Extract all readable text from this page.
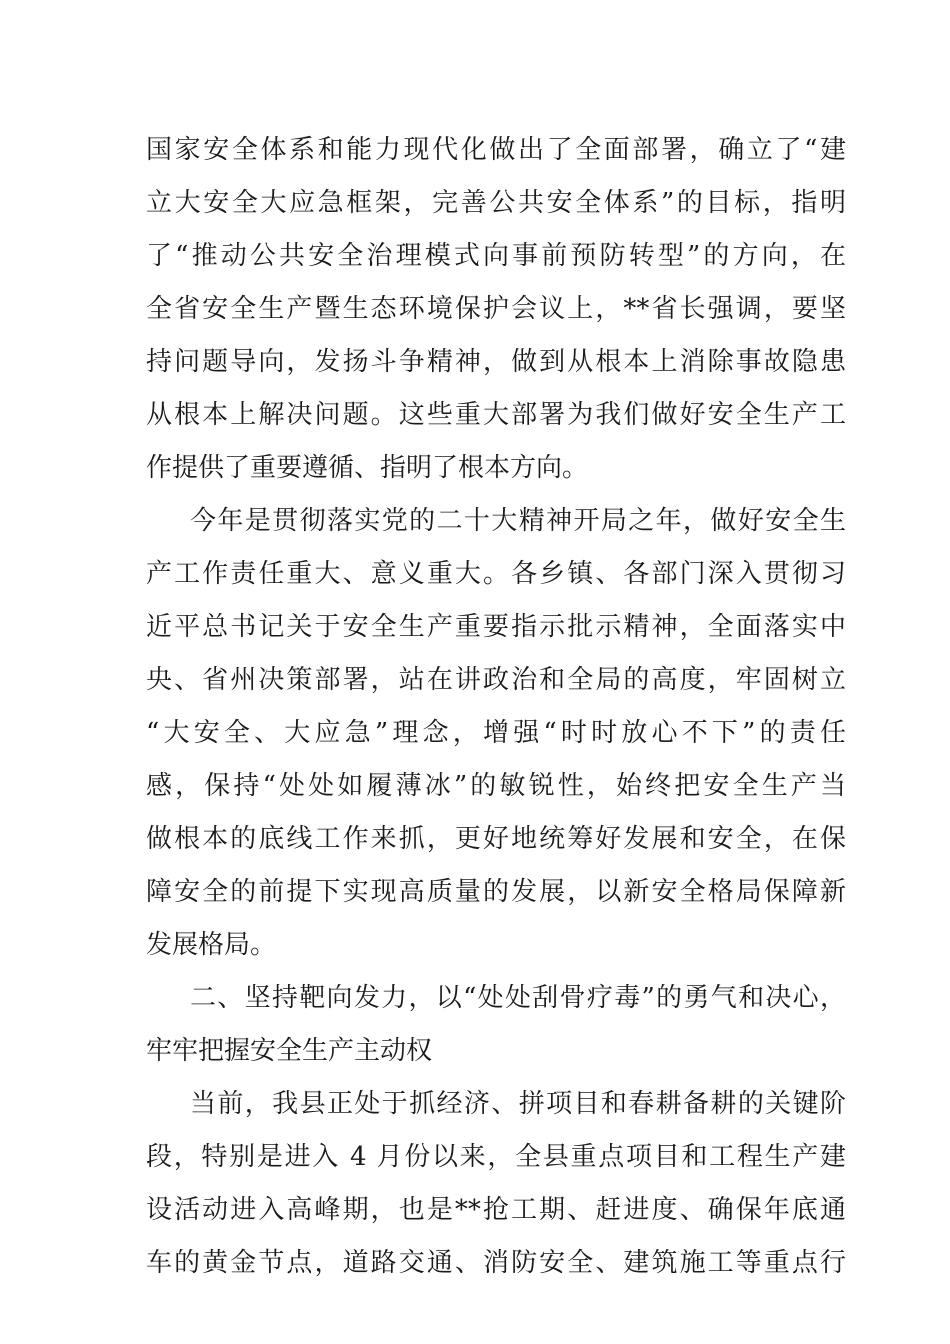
国家安全体系和能力现代化做出了全面部署，确立了“建
立大安全大应急框架，完善公共安全体系”的目标，指明
了“推动公共安全治理模式向事前预防转型”的方向，在
全省安全生产暨生态环境保护会议上，**省长强调，要坚
持问题导向，发扬斗争精神，做到从根本上消除事故隐患
从根本上解决问题。这些重大部署为我们做好安全生产工
作提供了重要遵循、指明了根本方向。
今年是贯彻落实党的二十大精神开局之年，做好安全生
产工作责任重大、意义重大。各乡镇、各部门深入贯彻习
近平总书记关于安全生产重要指示批示精神，全面落实中
央、省州决策部署，站在讲政治和全局的高度，牢固树立
“大安全、大应急”理念，增强“时时放心不下”的责任
感，保持“处处如履薄冰”的敏锐性，始终把安全生产当
做根本的底线工作来抓，更好地统筹好发展和安全，在保
障安全的前提下实现高质量的发展，以新安全格局保障新
发展格局。
二、坚持靶向发力，以“处处刮骨疗毒”的勇气和决心，
牢牢把握安全生产主动权
当前，我县正处于抓经济、拼项目和春耕备耕的关键阶
段，特别是进入 4 月份以来，全县重点项目和工程生产建
设活动进入高峰期，也是**抢工期、赶进度、确保年底通
车的黄金节点，道路交通、消防安全、建筑施工等重点行
